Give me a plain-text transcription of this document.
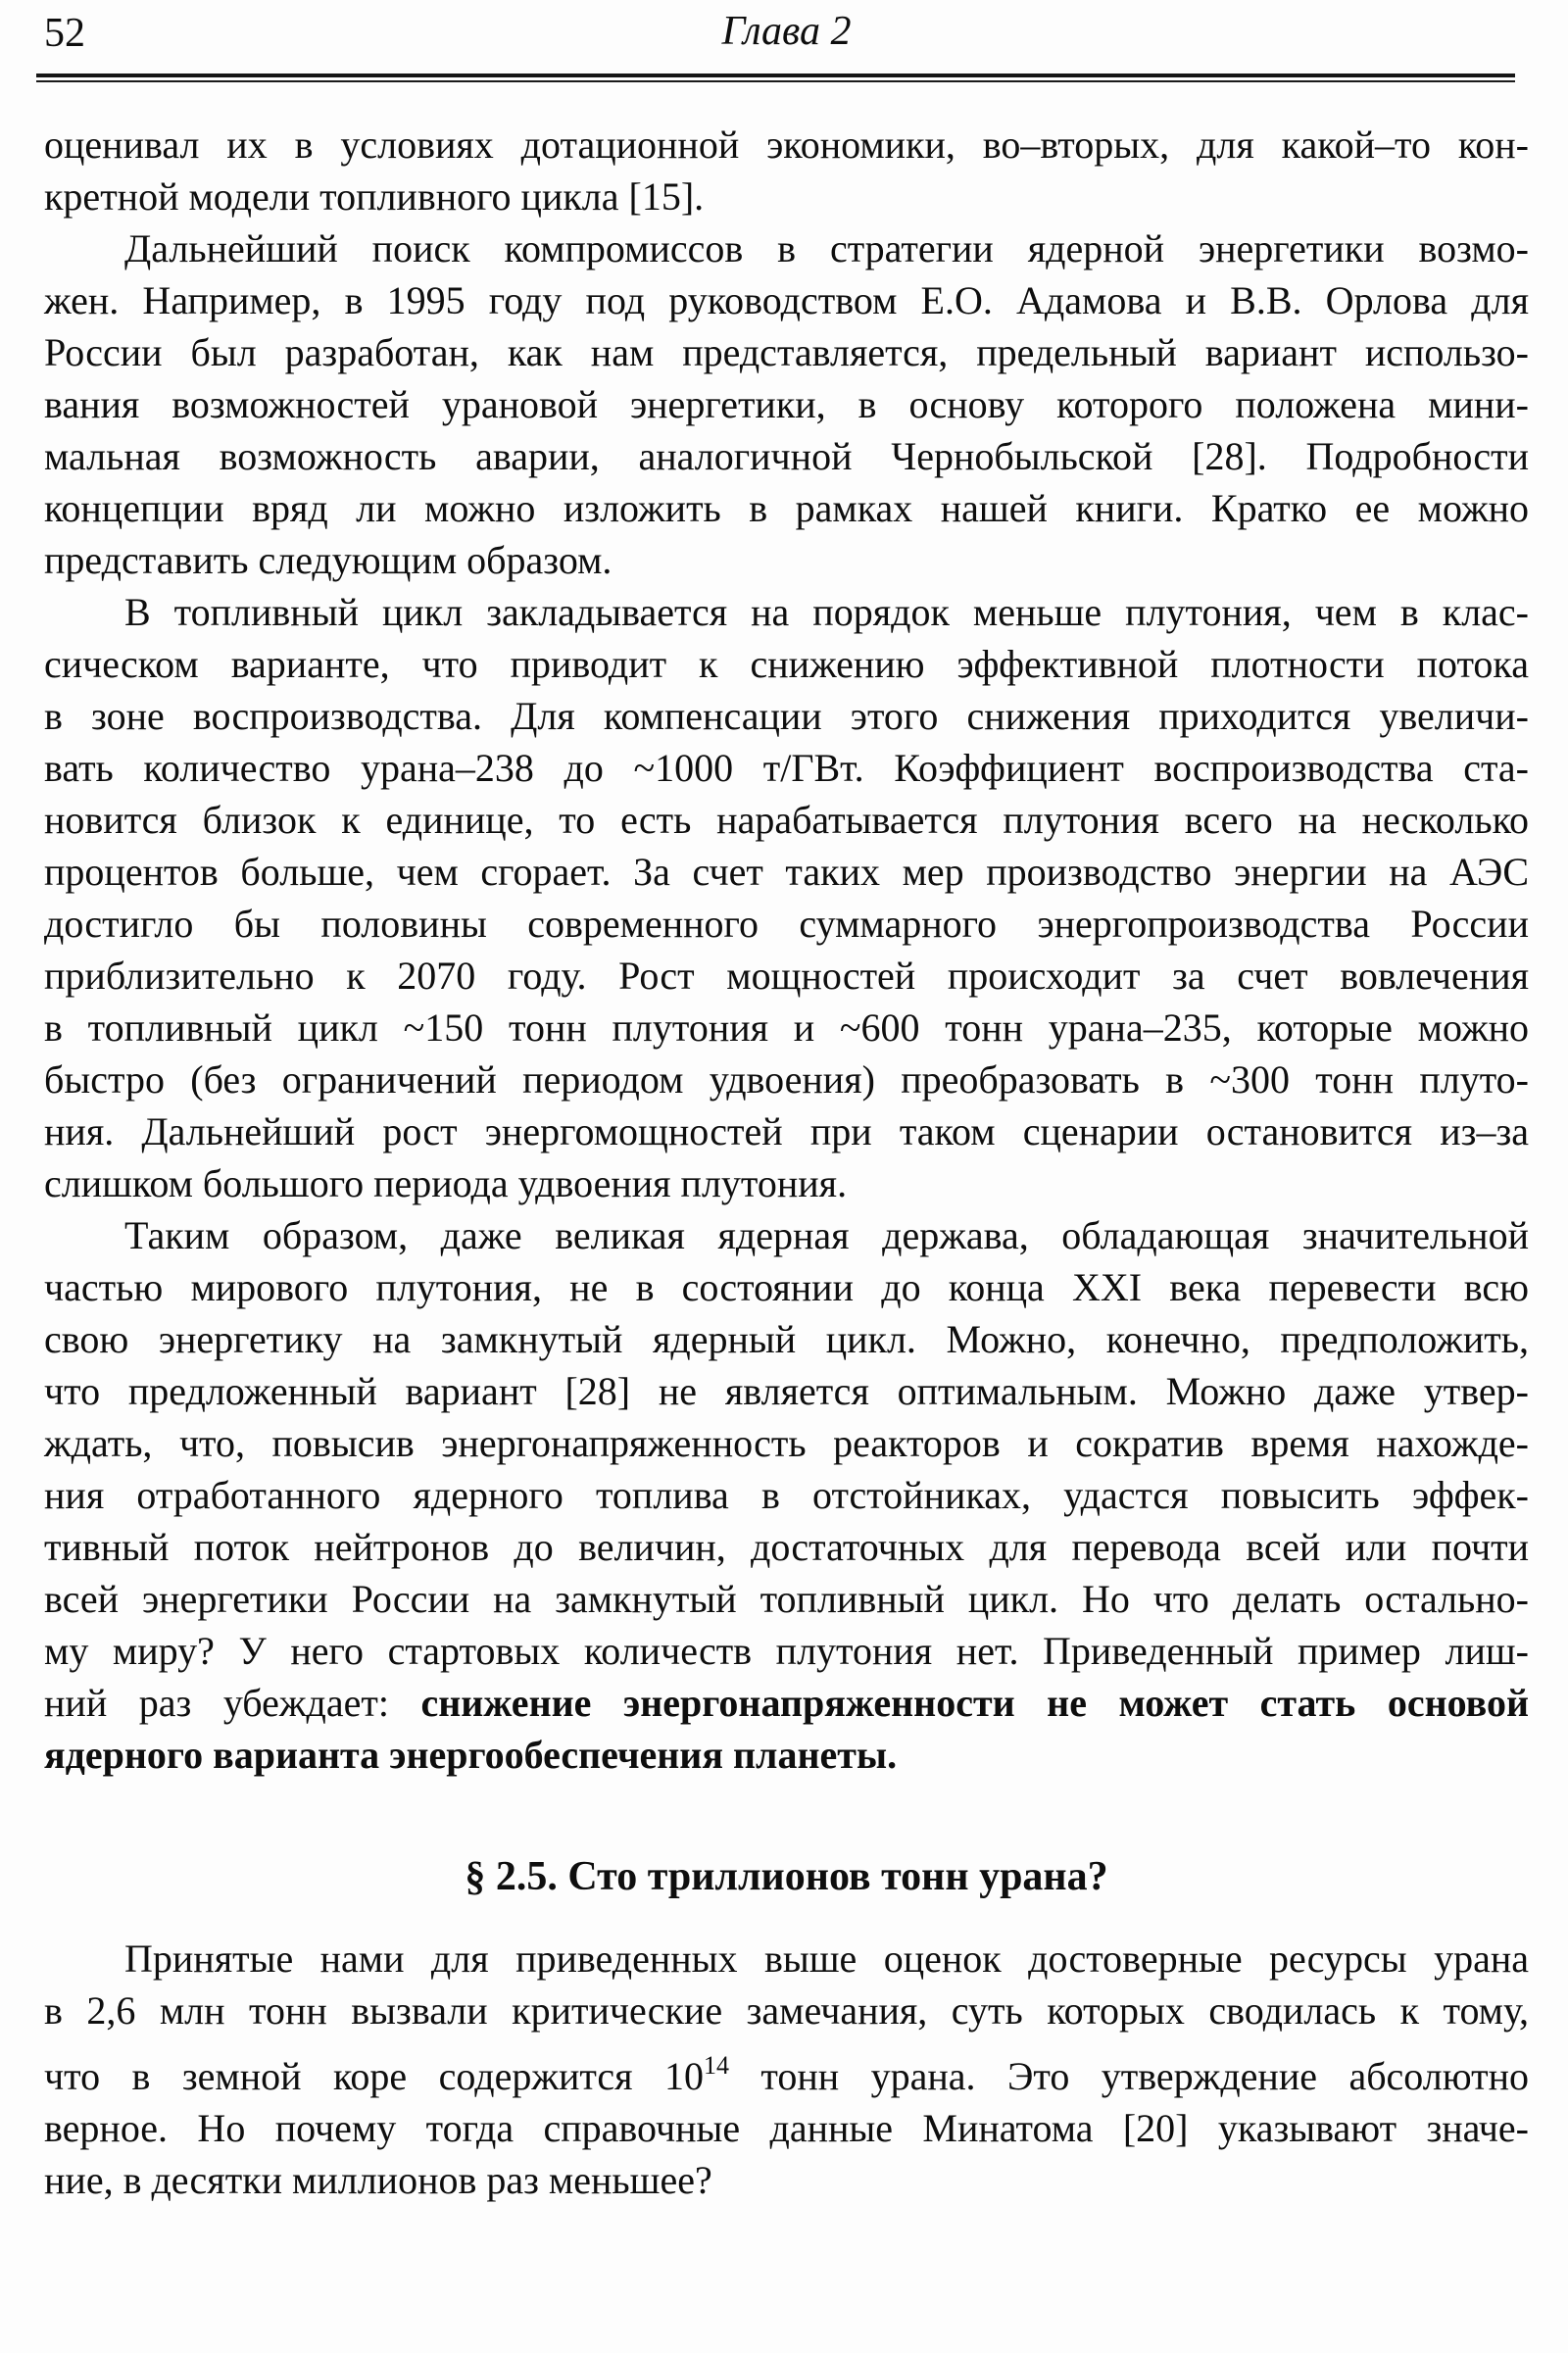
52	Глава 2
оценивал их в условиях дотационной экономики, во–вторых, для какой–то кон-
кретной модели топливного цикла [15].
Дальнейший поиск компромиссов в стратегии ядерной энергетики возмо-
жен. Например, в 1995 году под руководством Е.О. Адамова и В.В. Орлова для
России был разработан, как нам представляется, предельный вариант использо-
вания возможностей урановой энергетики, в основу которого положена мини-
мальная возможность аварии, аналогичной Чернобыльской [28]. Подробности
концепции вряд ли можно изложить в рамках нашей книги. Кратко ее можно
представить следующим образом.
В топливный цикл закладывается на порядок меньше плутония, чем в клас-
сическом варианте, что приводит к снижению эффективной плотности потока
в зоне воспроизводства. Для компенсации этого снижения приходится увеличи-
вать количество урана–238 до ~1000 т/ГВт. Коэффициент воспроизводства ста-
новится близок к единице, то есть нарабатывается плутония всего на несколько
процентов больше, чем сгорает. За счет таких мер производство энергии на АЭС
достигло бы половины современного суммарного энергопроизводства России
приблизительно к 2070 году. Рост мощностей происходит за счет вовлечения
в топливный цикл ~150 тонн плутония и ~600 тонн урана–235, которые можно
быстро (без ограничений периодом удвоения) преобразовать в ~300 тонн плуто-
ния. Дальнейший рост энергомощностей при таком сценарии остановится из–за
слишком большого периода удвоения плутония.
Таким образом, даже великая ядерная держава, обладающая значительной
частью мирового плутония, не в состоянии до конца XXI века перевести всю
свою энергетику на замкнутый ядерный цикл. Можно, конечно, предположить,
что предложенный вариант [28] не является оптимальным. Можно даже утвер-
ждать, что, повысив энергонапряженность реакторов и сократив время нахожде-
ния отработанного ядерного топлива в отстойниках, удастся повысить эффек-
тивный поток нейтронов до величин, достаточных для перевода всей или почти
всей энергетики России на замкнутый топливный цикл. Но что делать остально-
му миру? У него стартовых количеств плутония нет. Приведенный пример лиш-
ний раз убеждает: снижение энергонапряженности не может стать основой
ядерного варианта энергообеспечения планеты.
§ 2.5. Сто триллионов тонн урана?
Принятые нами для приведенных выше оценок достоверные ресурсы урана
в 2,6 млн тонн вызвали критические замечания, суть которых сводилась к тому,
что в земной коре содержится $10^{14}$ тонн урана. Это утверждение абсолютно
верное. Но почему тогда справочные данные Минатома [20] указывают значе-
ние, в десятки миллионов раз меньшее?
